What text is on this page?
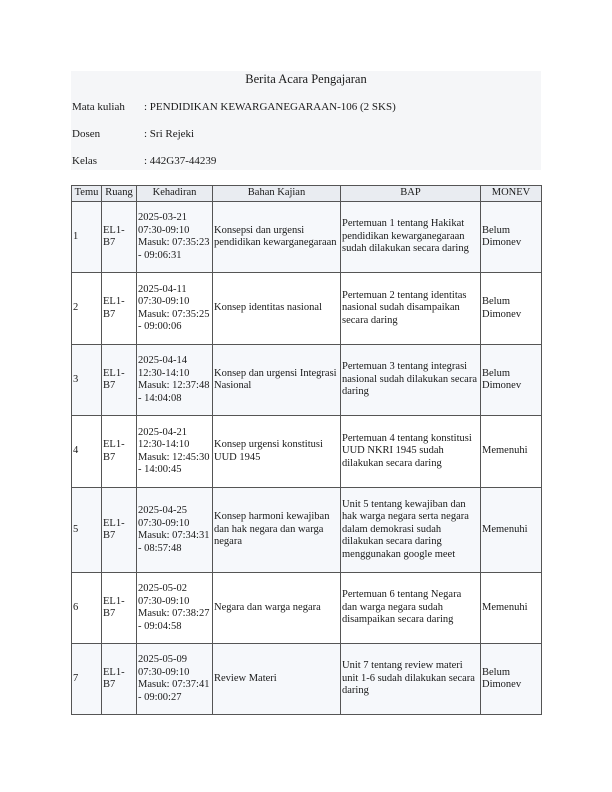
Berita Acara Pengajaran
Mata kuliah : PENDIDIKAN KEWARGANEGARAAN-106 (2 SKS)
Dosen	: Sri Rejeki
Kelas	: 442G37-44239
Temu	Ruang	Kehadiran	Bahan Kajian	BAP	MONEV
1	EL1-B7	2025-03-21 07:30-09:10 Masuk: 07:35:23 - 09:06:31	Konsepsi dan urgensi pendidikan kewarganegaraan	Pertemuan 1 tentang Hakikat pendidikan kewarganegaraan sudah dilakukan secara daring	Belum Dimonev
2	EL1-B7	2025-04-11 07:30-09:10 Masuk: 07:35:25 - 09:00:06	Konsep identitas nasional	Pertemuan 2 tentang identitas nasional sudah disampaikan secara daring	Belum Dimonev
3	EL1-B7	2025-04-14 12:30-14:10 Masuk: 12:37:48 - 14:04:08	Konsep dan urgensi Integrasi Nasional	Pertemuan 3 tentang integrasi nasional sudah dilakukan secara daring	Belum Dimonev
4	EL1-B7	2025-04-21 12:30-14:10 Masuk: 12:45:30 - 14:00:45	Konsep urgensi konstitusi UUD 1945	Pertemuan 4 tentang konstitusi UUD NKRI 1945 sudah dilakukan secara daring	Memenuhi
5	EL1-B7	2025-04-25 07:30-09:10 Masuk: 07:34:31 - 08:57:48	Konsep harmoni kewajiban dan hak negara dan warga negara	Unit 5 tentang kewajiban dan hak warga negara serta negara dalam demokrasi sudah dilakukan secara daring menggunakan google meet	Memenuhi
6	EL1-B7	2025-05-02 07:30-09:10 Masuk: 07:38:27 - 09:04:58	Negara dan warga negara	Pertemuan 6 tentang Negara dan warga negara sudah disampaikan secara daring	Memenuhi
7	EL1-B7	2025-05-09 07:30-09:10 Masuk: 07:37:41 - 09:00:27	Review Materi	Unit 7 tentang review materi unit 1-6 sudah dilakukan secara daring	Belum Dimonev
